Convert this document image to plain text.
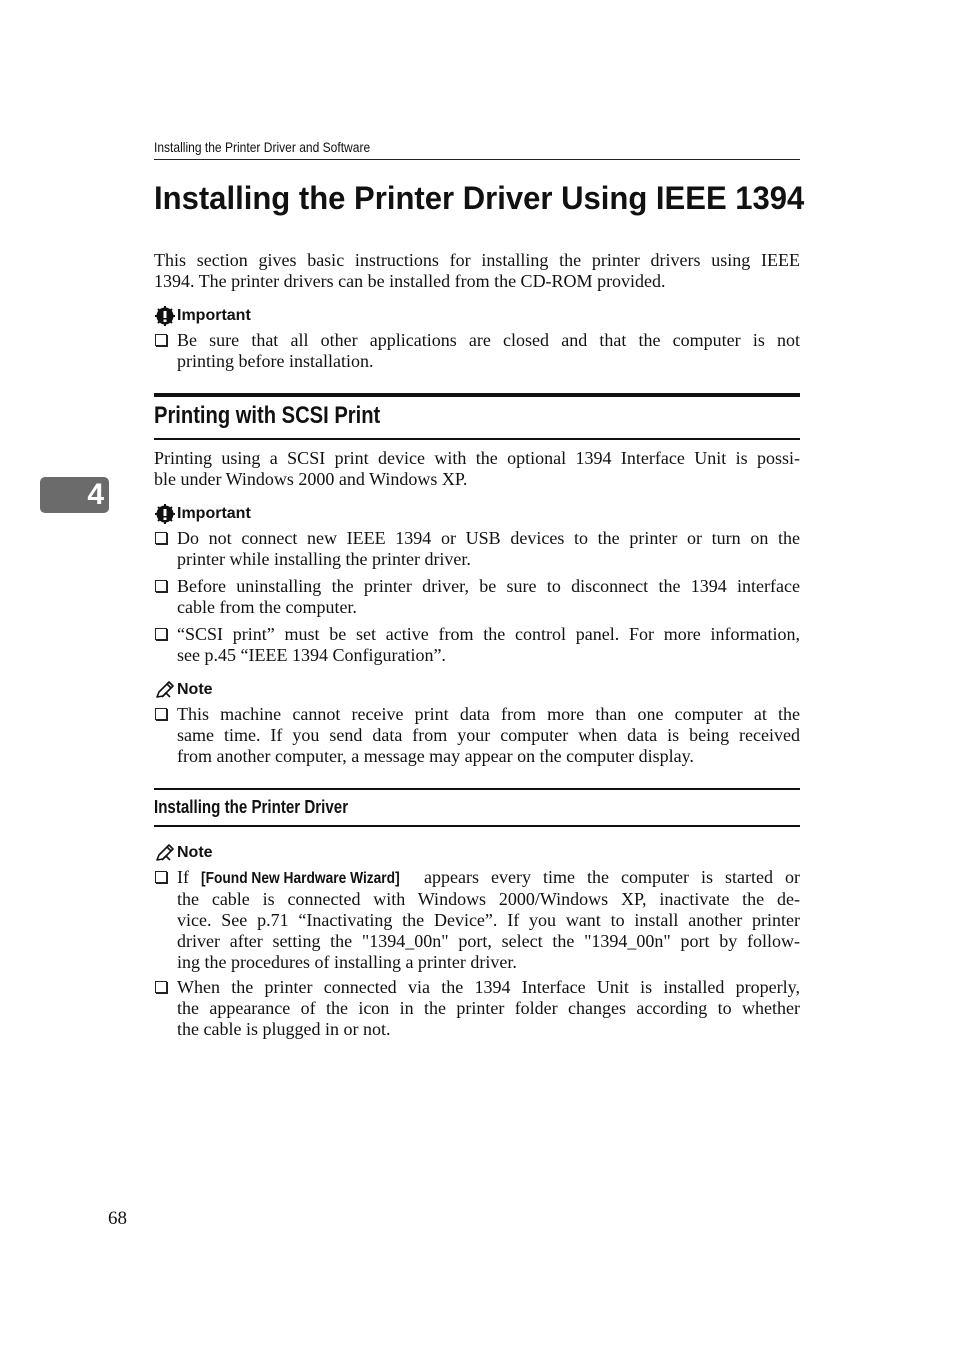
Installing the Printer Driver and Software
Installing the Printer Driver Using IEEE 1394
This section gives basic instructions for installing the printer drivers using IEEE
1394. The printer drivers can be installed from the CD-ROM provided.
Important
Be sure that all other applications are closed and that the computer is not
printing before installation.
Printing with SCSI Print
4
Printing using a SCSI print device with the optional 1394 Interface Unit is possi-
ble under Windows 2000 and Windows XP.
Important
Do not connect new IEEE 1394 or USB devices to the printer or turn on the
printer while installing the printer driver.
Before uninstalling the printer driver, be sure to disconnect the 1394 interface
cable from the computer.
“SCSI print” must be set active from the control panel. For more information,
see p.45 “IEEE 1394 Configuration”.
Note
This machine cannot receive print data from more than one computer at the
same time. If you send data from your computer when data is being received
from another computer, a message may appear on the computer display.
Installing the Printer Driver
Note
If [Found New Hardware Wizard] appears every time the computer is started or
the cable is connected with Windows 2000/Windows XP, inactivate the de-
vice. See p.71 “Inactivating the Device”. If you want to install another printer
driver after setting the "1394_00n" port, select the "1394_00n" port by follow-
ing the procedures of installing a printer driver.
When the printer connected via the 1394 Interface Unit is installed properly,
the appearance of the icon in the printer folder changes according to whether
the cable is plugged in or not.
68
